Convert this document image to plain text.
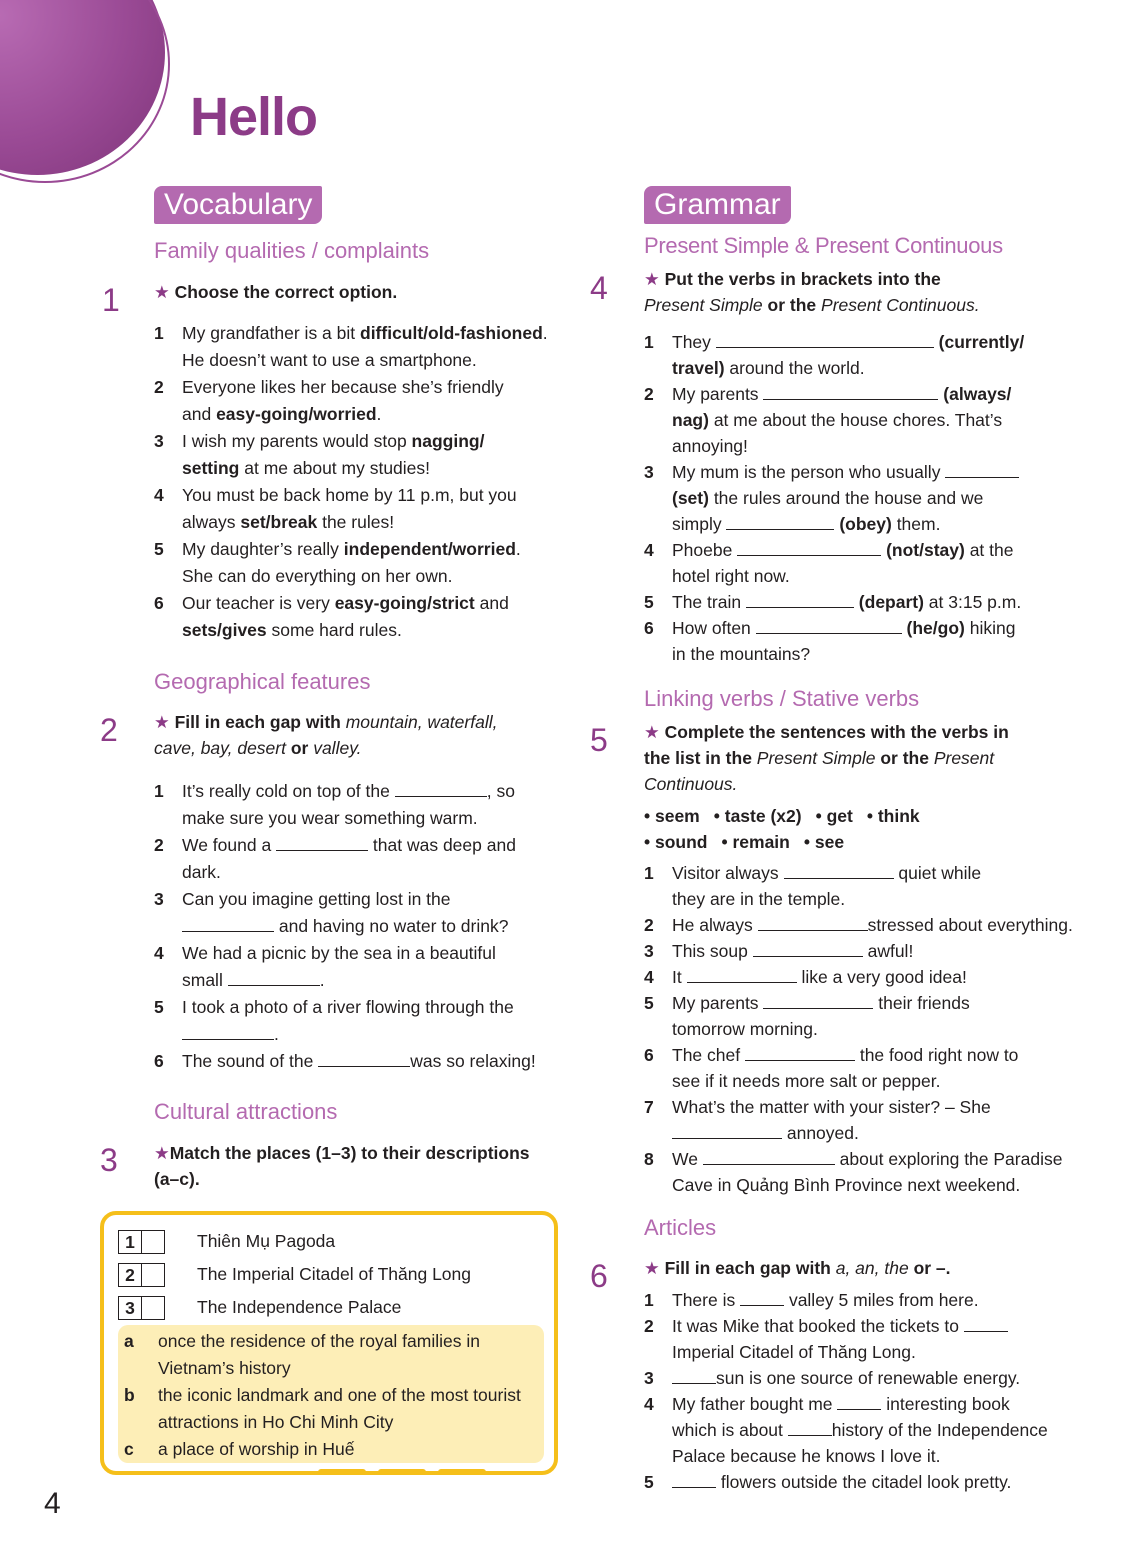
Hello
Vocabulary
Family qualities / complaints
1 ★ Choose the correct option.
1 My grandfather is a bit difficult/old-fashioned.
He doesn’t want to use a smartphone.
2 Everyone likes her because she’s friendly
and easy-going/worried.
3 I wish my parents would stop nagging/
setting at me about my studies!
4 You must be back home by 11 p.m, but you
always set/break the rules!
5 My daughter’s really independent/worried.
She can do everything on her own.
6 Our teacher is very easy-going/strict and
sets/gives some hard rules.
Geographical features
2 ★ Fill in each gap with mountain, waterfall,
cave, bay, desert or valley.
1 It’s really cold on top of the	, so
make sure you wear something warm.
2 We found a	that was deep and
dark.
3 Can you imagine getting lost in the
and having no water to drink?
4 We had a picnic by the sea in a beautiful
small	.
5 I took a photo of a river flowing through the
.
6 The sound of the	was so relaxing!
Cultural attractions
3 ★Match the places (1–3) to their descriptions
(a–c).
1	Thiên Mụ Pagoda
2	The Imperial Citadel of Thăng Long
3	The Independence Palace
a once the residence of the royal families in
Vietnam’s history
b the iconic landmark and one of the most tourist
attractions in Ho Chi Minh City
c a place of worship in Huế
Grammar
Present Simple & Present Continuous
4 ★ Put the verbs in brackets into the
Present Simple or the Present Continuous.
1 They	(currently/
travel) around the world.
2 My parents	(always/
nag) at me about the house chores. That’s
annoying!
3 My mum is the person who usually
(set) the rules around the house and we
simply	(obey) them.
4 Phoebe	(not/stay) at the
hotel right now.
5 The train	(depart) at 3:15 p.m.
6 How often	(he/go) hiking
in the mountains?
Linking verbs / Stative verbs
5 ★ Complete the sentences with the verbs in
the list in the Present Simple or the Present
Continuous.
• seem • taste (x2) • get • think
• sound • remain • see
1 Visitor always	quiet while
they are in the temple.
2 He always	stressed about everything.
3 This soup	awful!
4 It	like a very good idea!
5 My parents	their friends
tomorrow morning.
6 The chef	the food right now to
see if it needs more salt or pepper.
7 What’s the matter with your sister? – She
annoyed.
8 We	about exploring the Paradise
Cave in Quảng Bình Province next weekend.
Articles
6 ★ Fill in each gap with a, an, the or –.
1 There is	valley 5 miles from here.
2 It was Mike that booked the tickets to
Imperial Citadel of Thăng Long.
3	sun is one source of renewable energy.
4 My father bought me	interesting book
which is about	history of the Independence
Palace because he knows I love it.
5	flowers outside the citadel look pretty.
4
